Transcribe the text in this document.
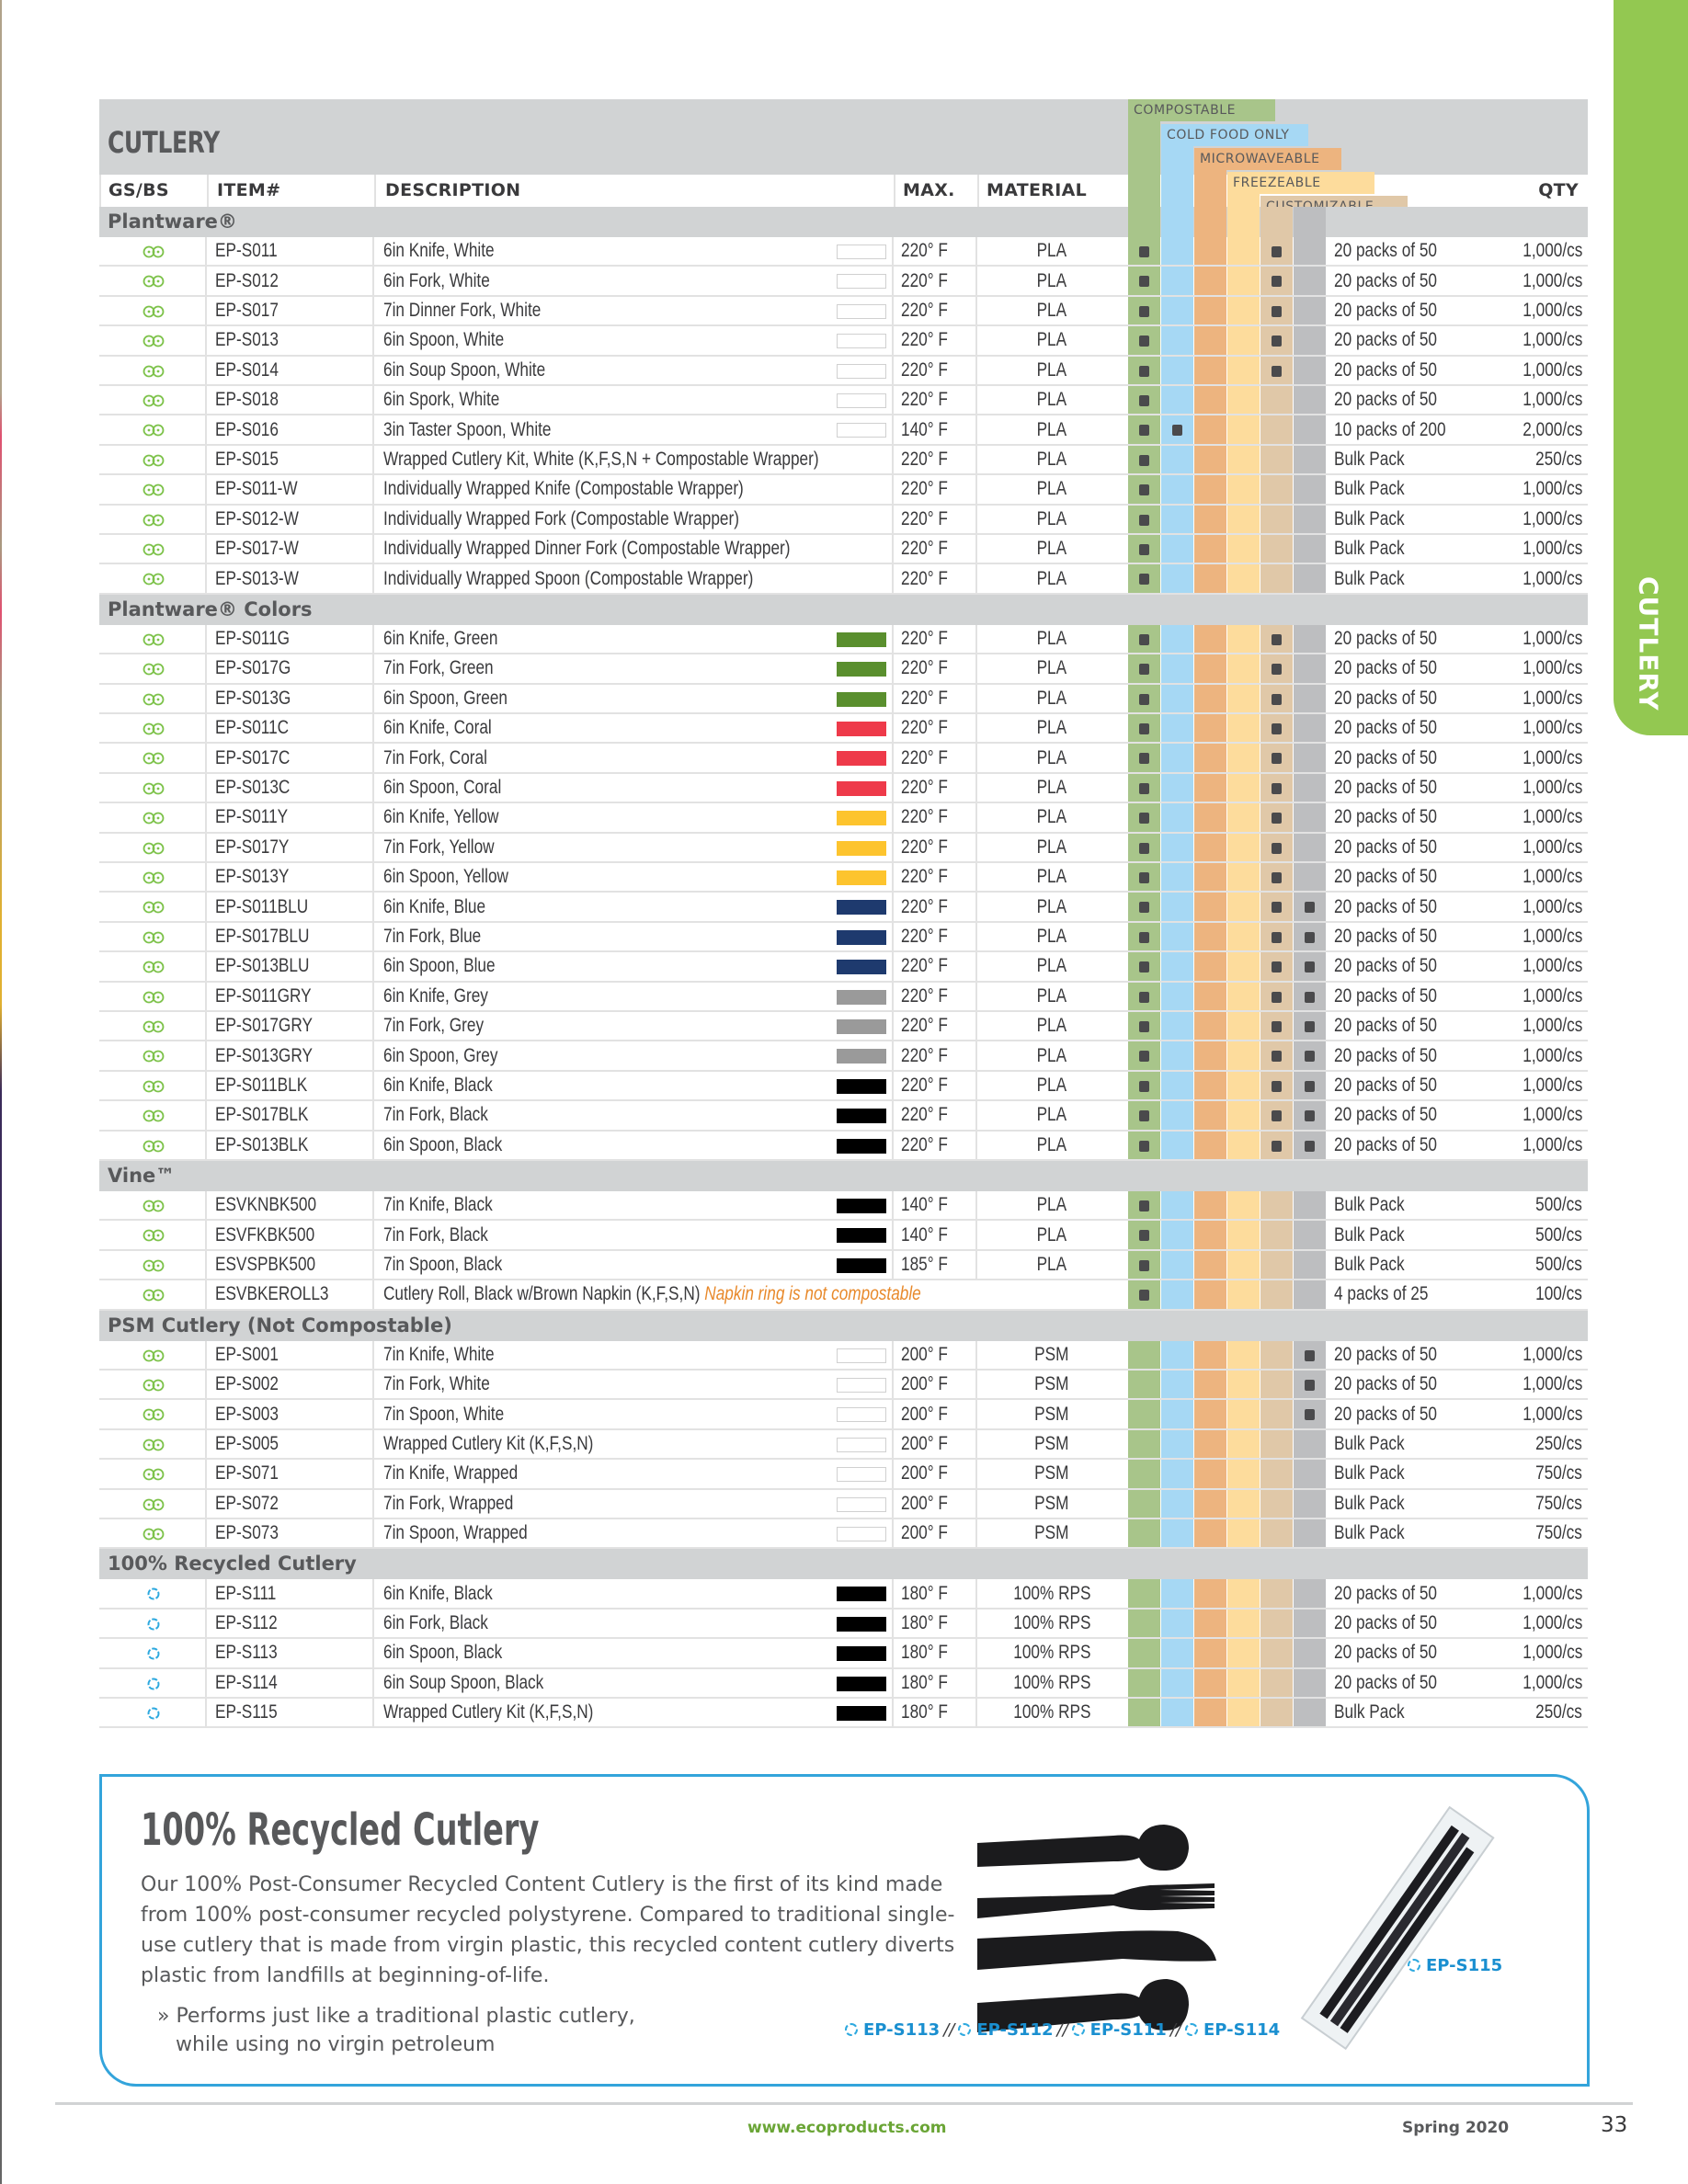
CUTLERY
CUTLERY
GS/BS	ITEM#	DESCRIPTION	MAX. MATERIAL	QTY
COMPOSTABLE
COLD FOOD ONLY
MICROWAVEABLE
FREEZEABLE
Plantware®
EP-S011	6in Knife, White	220° F	PLA	20 packs of 50	1,000/cs
EP-S012	6in Fork, White	220° F	PLA	20 packs of 50	1,000/cs
EP-S017	7in Dinner Fork, White	220° F	PLA	20 packs of 50	1,000/cs
EP-S013	6in Spoon, White	220° F	PLA	20 packs of 50	1,000/cs
EP-S014	6in Soup Spoon, White	220° F	PLA	20 packs of 50	1,000/cs
EP-S018	6in Spork, White	220° F	PLA	20 packs of 50	1,000/cs
EP-S016	3in Taster Spoon, White	140° F	PLA	10 packs of 200	2,000/cs
EP-S015	Wrapped Cutlery Kit, White (K,F,S,N + Compostable Wrapper)	220° F	PLA	Bulk Pack	250/cs
EP-S011-W	Individually Wrapped Knife (Compostable Wrapper)	220° F	PLA	Bulk Pack	1,000/cs
EP-S012-W	Individually Wrapped Fork (Compostable Wrapper)	220° F	PLA	Bulk Pack	1,000/cs
EP-S017-W	Individually Wrapped Dinner Fork (Compostable Wrapper)	220° F	PLA	Bulk Pack	1,000/cs
EP-S013-W	Individually Wrapped Spoon (Compostable Wrapper)	220° F	PLA	Bulk Pack	1,000/cs
Plantware® Colors
EP-S011G	6in Knife, Green	220° F	PLA	20 packs of 50	1,000/cs
EP-S017G	7in Fork, Green	220° F	PLA	20 packs of 50	1,000/cs
EP-S013G	6in Spoon, Green	220° F	PLA	20 packs of 50	1,000/cs
EP-S011C	6in Knife, Coral	220° F	PLA	20 packs of 50	1,000/cs
EP-S017C	7in Fork, Coral	220° F	PLA	20 packs of 50	1,000/cs
EP-S013C	6in Spoon, Coral	220° F	PLA	20 packs of 50	1,000/cs
EP-S011Y	6in Knife, Yellow	220° F	PLA	20 packs of 50	1,000/cs
EP-S017Y	7in Fork, Yellow	220° F	PLA	20 packs of 50	1,000/cs
EP-S013Y	6in Spoon, Yellow	220° F	PLA	20 packs of 50	1,000/cs
EP-S011BLU	6in Knife, Blue	220° F	PLA	20 packs of 50	1,000/cs
EP-S017BLU	7in Fork, Blue	220° F	PLA	20 packs of 50	1,000/cs
EP-S013BLU	6in Spoon, Blue	220° F	PLA	20 packs of 50	1,000/cs
EP-S011GRY	6in Knife, Grey	220° F	PLA	20 packs of 50	1,000/cs
EP-S017GRY	7in Fork, Grey	220° F	PLA	20 packs of 50	1,000/cs
EP-S013GRY	6in Spoon, Grey	220° F	PLA	20 packs of 50	1,000/cs
EP-S011BLK	6in Knife, Black	220° F	PLA	20 packs of 50	1,000/cs
EP-S017BLK	7in Fork, Black	220° F	PLA	20 packs of 50	1,000/cs
EP-S013BLK	6in Spoon, Black	220° F	PLA	20 packs of 50	1,000/cs
Vine™
ESVKNBK500	7in Knife, Black	140° F	PLA	Bulk Pack	500/cs
ESVFKBK500	7in Fork, Black	140° F	PLA	Bulk Pack	500/cs
ESVSPBK500	7in Spoon, Black	185° F	PLA	Bulk Pack	500/cs
ESVBKEROLL3	Cutlery Roll, Black w/Brown Napkin (K,F,S,N) Napkin ring is not compostable	4 packs of 25	100/cs
PSM Cutlery (Not Compostable)
EP-S001	7in Knife, White	200° F	PSM	20 packs of 50	1,000/cs
EP-S002	7in Fork, White	200° F	PSM	20 packs of 50	1,000/cs
EP-S003	7in Spoon, White	200° F	PSM	20 packs of 50	1,000/cs
EP-S005	Wrapped Cutlery Kit (K,F,S,N)	200° F	PSM	Bulk Pack	250/cs
EP-S071	7in Knife, Wrapped	200° F	PSM	Bulk Pack	750/cs
EP-S072	7in Fork, Wrapped	200° F	PSM	Bulk Pack	750/cs
EP-S073	7in Spoon, Wrapped	200° F	PSM	Bulk Pack	750/cs
100% Recycled Cutlery
EP-S111	6in Knife, Black	180° F	100% RPS	20 packs of 50	1,000/cs
EP-S112	6in Fork, Black	180° F	100% RPS	20 packs of 50	1,000/cs
EP-S113	6in Spoon, Black	180° F	100% RPS	20 packs of 50	1,000/cs
EP-S114	6in Soup Spoon, Black	180° F	100% RPS	20 packs of 50	1,000/cs
EP-S115	Wrapped Cutlery Kit (K,F,S,N)	180° F	100% RPS	Bulk Pack	250/cs
100% Recycled Cutlery
Our 100% Post-Consumer Recycled Content Cutlery is the first of its kind made from 100% post-consumer recycled polystyrene. Compared to traditional single-use cutlery that is made from virgin plastic, this recycled content cutlery diverts plastic from landfills at beginning-of-life.
» Performs just like a traditional plastic cutlery,
while using no virgin petroleum
EP-S113 // EP-S112 // EP-S111 // EP-S114
EP-S115
www.ecoproducts.com	Spring 2020	33
